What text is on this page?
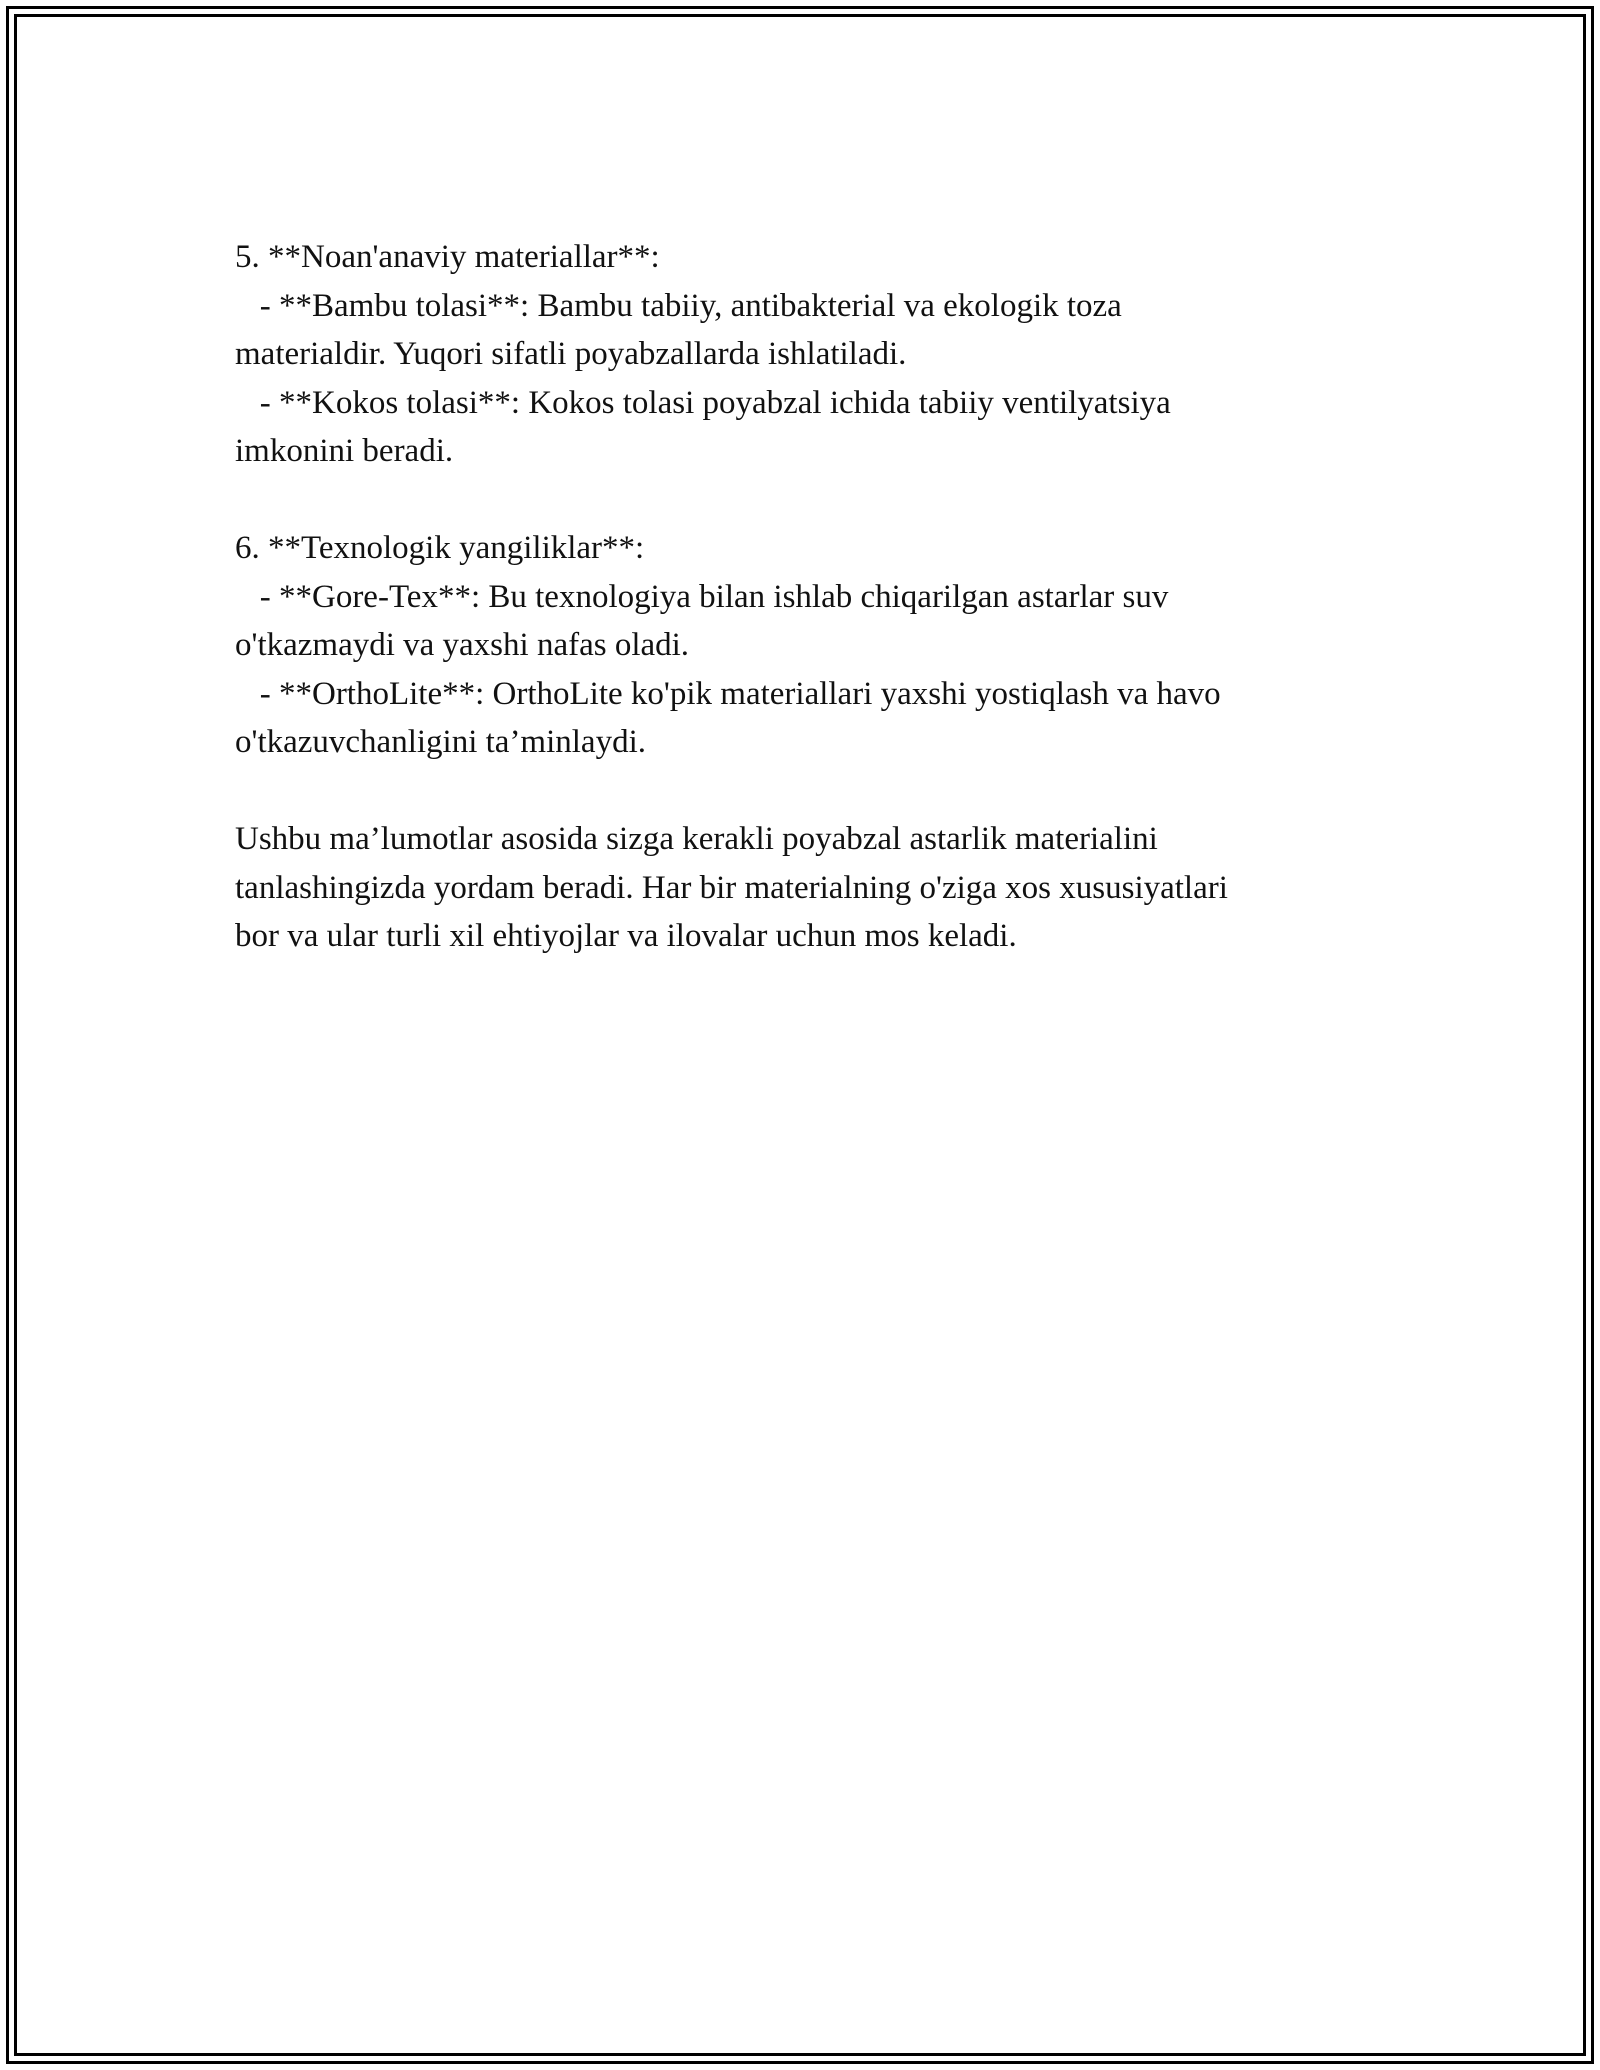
5. **Noan'anaviy materiallar**:
- **Bambu tolasi**: Bambu tabiiy, antibakterial va ekologik toza
materialdir. Yuqori sifatli poyabzallarda ishlatiladi.
- **Kokos tolasi**: Kokos tolasi poyabzal ichida tabiiy ventilyatsiya
imkonini beradi.
6. **Texnologik yangiliklar**:
- **Gore-Tex**: Bu texnologiya bilan ishlab chiqarilgan astarlar suv
o'tkazmaydi va yaxshi nafas oladi.
- **OrthoLite**: OrthoLite ko'pik materiallari yaxshi yostiqlash va havo
o'tkazuvchanligini ta’minlaydi.
Ushbu ma’lumotlar asosida sizga kerakli poyabzal astarlik materialini
tanlashingizda yordam beradi. Har bir materialning o'ziga xos xususiyatlari
bor va ular turli xil ehtiyojlar va ilovalar uchun mos keladi.
